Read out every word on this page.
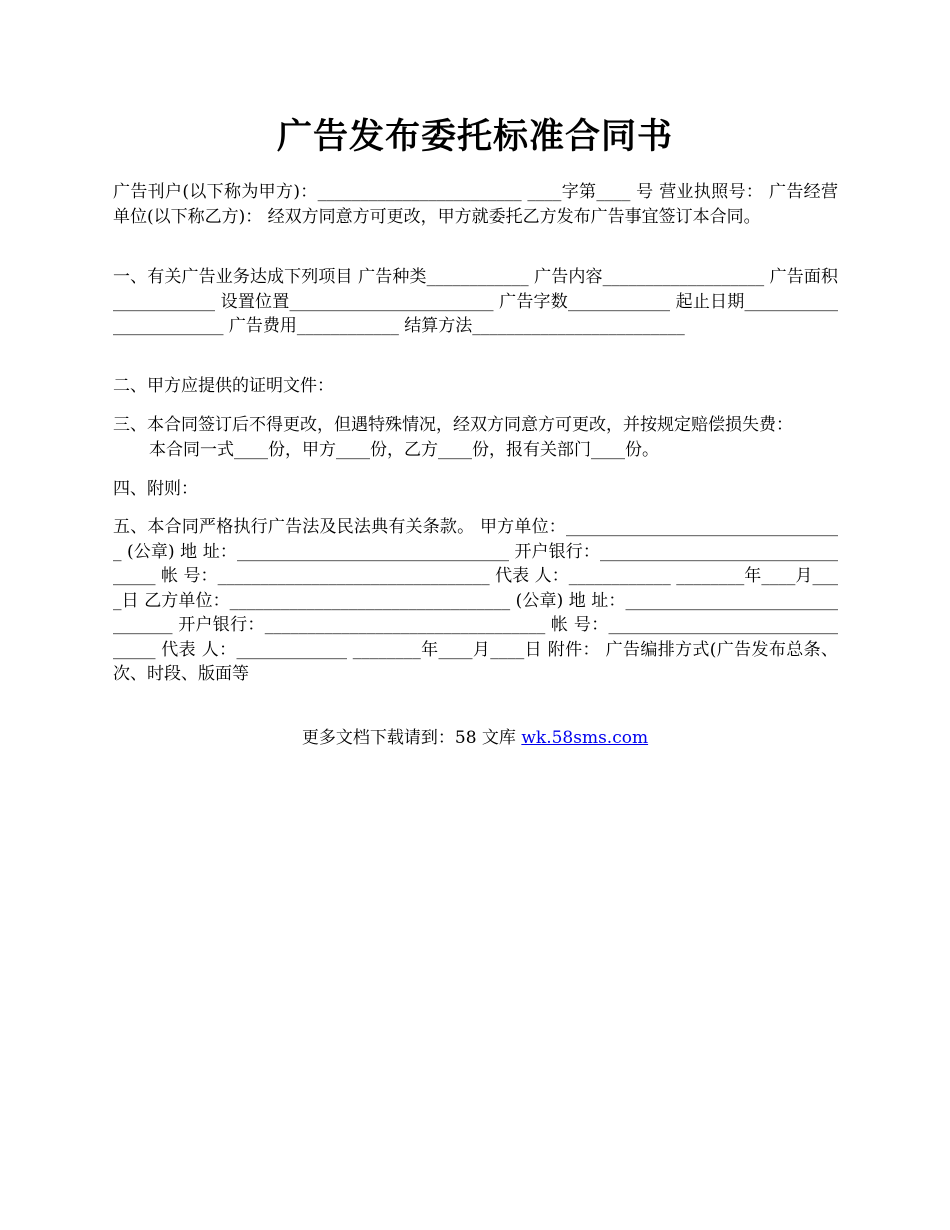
广告发布委托标准合同书
广告刊户(以下称为甲方)：________________________ ____字第____ 号 营业执照号： 广告经营单位(以下称乙方)： 经双方同意方可更改，甲方就委托乙方发布广告事宜签订本合同。
一、有关广告业务达成下列项目 广告种类____________ 广告内容___________________ 广告面积____________ 设置位置________________________ 广告字数____________ 起止日期________________________ 广告费用____________ 结算方法_________________________
二、甲方应提供的证明文件：
三、本合同签订后不得更改，但遇特殊情况，经双方同意方可更改，并按规定赔偿损失费：
本合同一式____份，甲方____份，乙方____份，报有关部门____份。
四、附则：
五、本合同严格执行广告法及民法典有关条款。 甲方单位：_________________________________ (公章) 地 址：________________________________ 开户银行：_________________________________ 帐 号：________________________________ 代表 人：____________ ________年____月____日 乙方单位：_________________________________ (公章) 地 址：________________________________ 开户银行：_________________________________ 帐 号：________________________________ 代表 人：_____________ ________年____月____日 附件： 广告编排方式(广告发布总条、次、时段、版面等
更多文档下载请到：58 文库 wk.58sms.com
